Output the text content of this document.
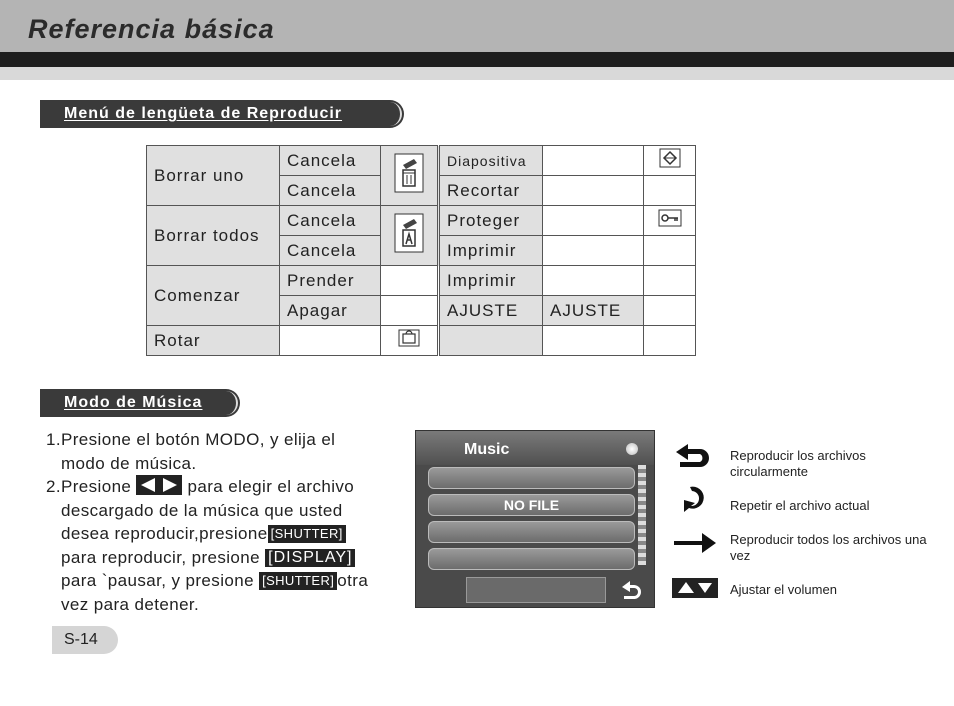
Referencia básica
Menú de lengüeta de Reproducir
Borrar uno	Cancela		Diapositiva		
	Cancela		Recortar		
Borrar todos	Cancela		Proteger		
	Cancela		Imprimir		
Comenzar	Prender		Imprimir		
	Apagar		AJUSTE	AJUSTE	
Rotar					
Modo de Música
1.Presione el botón MODO, y elija el
modo de música.
2.Presione	para elegir el archivo
descargado de la música que usted
desea reproducir,presione [SHUTTER]
para reproducir, presione [DISPLAY]
para `pausar, y presione [SHUTTER] otra
vez para detener.
Music
NO FILE
Reproducir los archivos circularmente
Repetir el archivo actual
Reproducir todos los archivos una vez
Ajustar el volumen
S-14
